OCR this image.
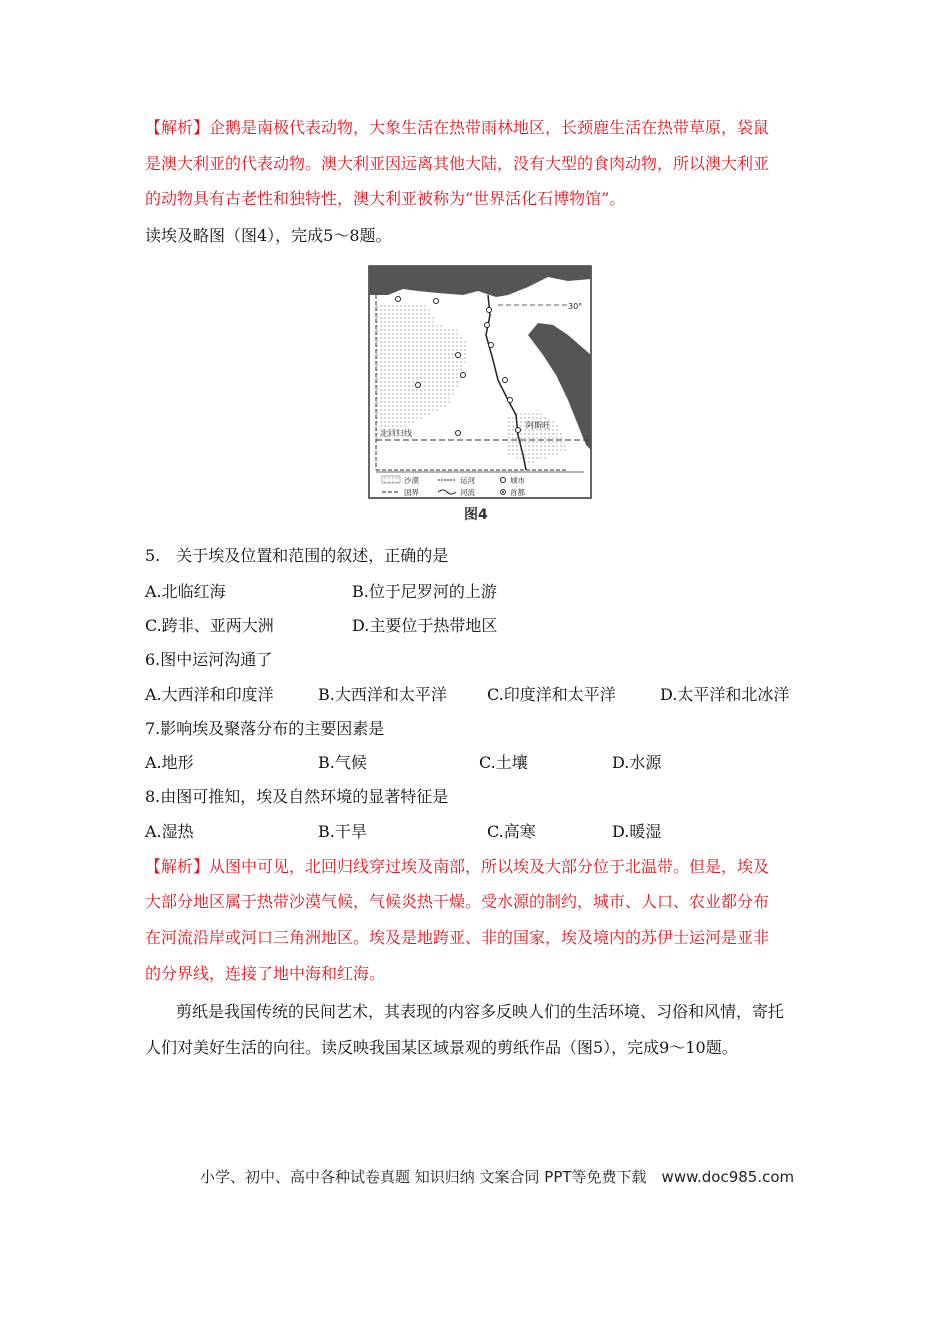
【解析】企鹅是南极代表动物，大象生活在热带雨林地区，长颈鹿生活在热带草原，袋鼠
是澳大利亚的代表动物。澳大利亚因远离其他大陆，没有大型的食肉动物，所以澳大利亚
的动物具有古老性和独特性，澳大利亚被称为“世界活化石博物馆”。
读埃及略图（图4），完成5～8题。
30°
北回归线
阿斯旺
沙漠	运河	城市
国界	河流	首都
图4
5.　关于埃及位置和范围的叙述，正确的是
A.北临红海	B.位于尼罗河的上游
C.跨非、亚两大洲	D.主要位于热带地区
6.图中运河沟通了
A.大西洋和印度洋	B.大西洋和太平洋	C.印度洋和太平洋	D.太平洋和北冰洋
7.影响埃及聚落分布的主要因素是
A.地形	B.气候	C.土壤	D.水源
8.由图可推知，埃及自然环境的显著特征是
A.湿热	B.干旱	C.高寒	D.暖湿
【解析】从图中可见，北回归线穿过埃及南部，所以埃及大部分位于北温带。但是，埃及
大部分地区属于热带沙漠气候，气候炎热干燥。受水源的制约，城市、人口、农业都分布
在河流沿岸或河口三角洲地区。埃及是地跨亚、非的国家，埃及境内的苏伊士运河是亚非
的分界线，连接了地中海和红海。
剪纸是我国传统的民间艺术，其表现的内容多反映人们的生活环境、习俗和风情，寄托
人们对美好生活的向往。读反映我国某区域景观的剪纸作品（图5），完成9～10题。
小学、初中、高中各种试卷真题 知识归纳 文案合同 PPT等免费下载　www.doc985.com
